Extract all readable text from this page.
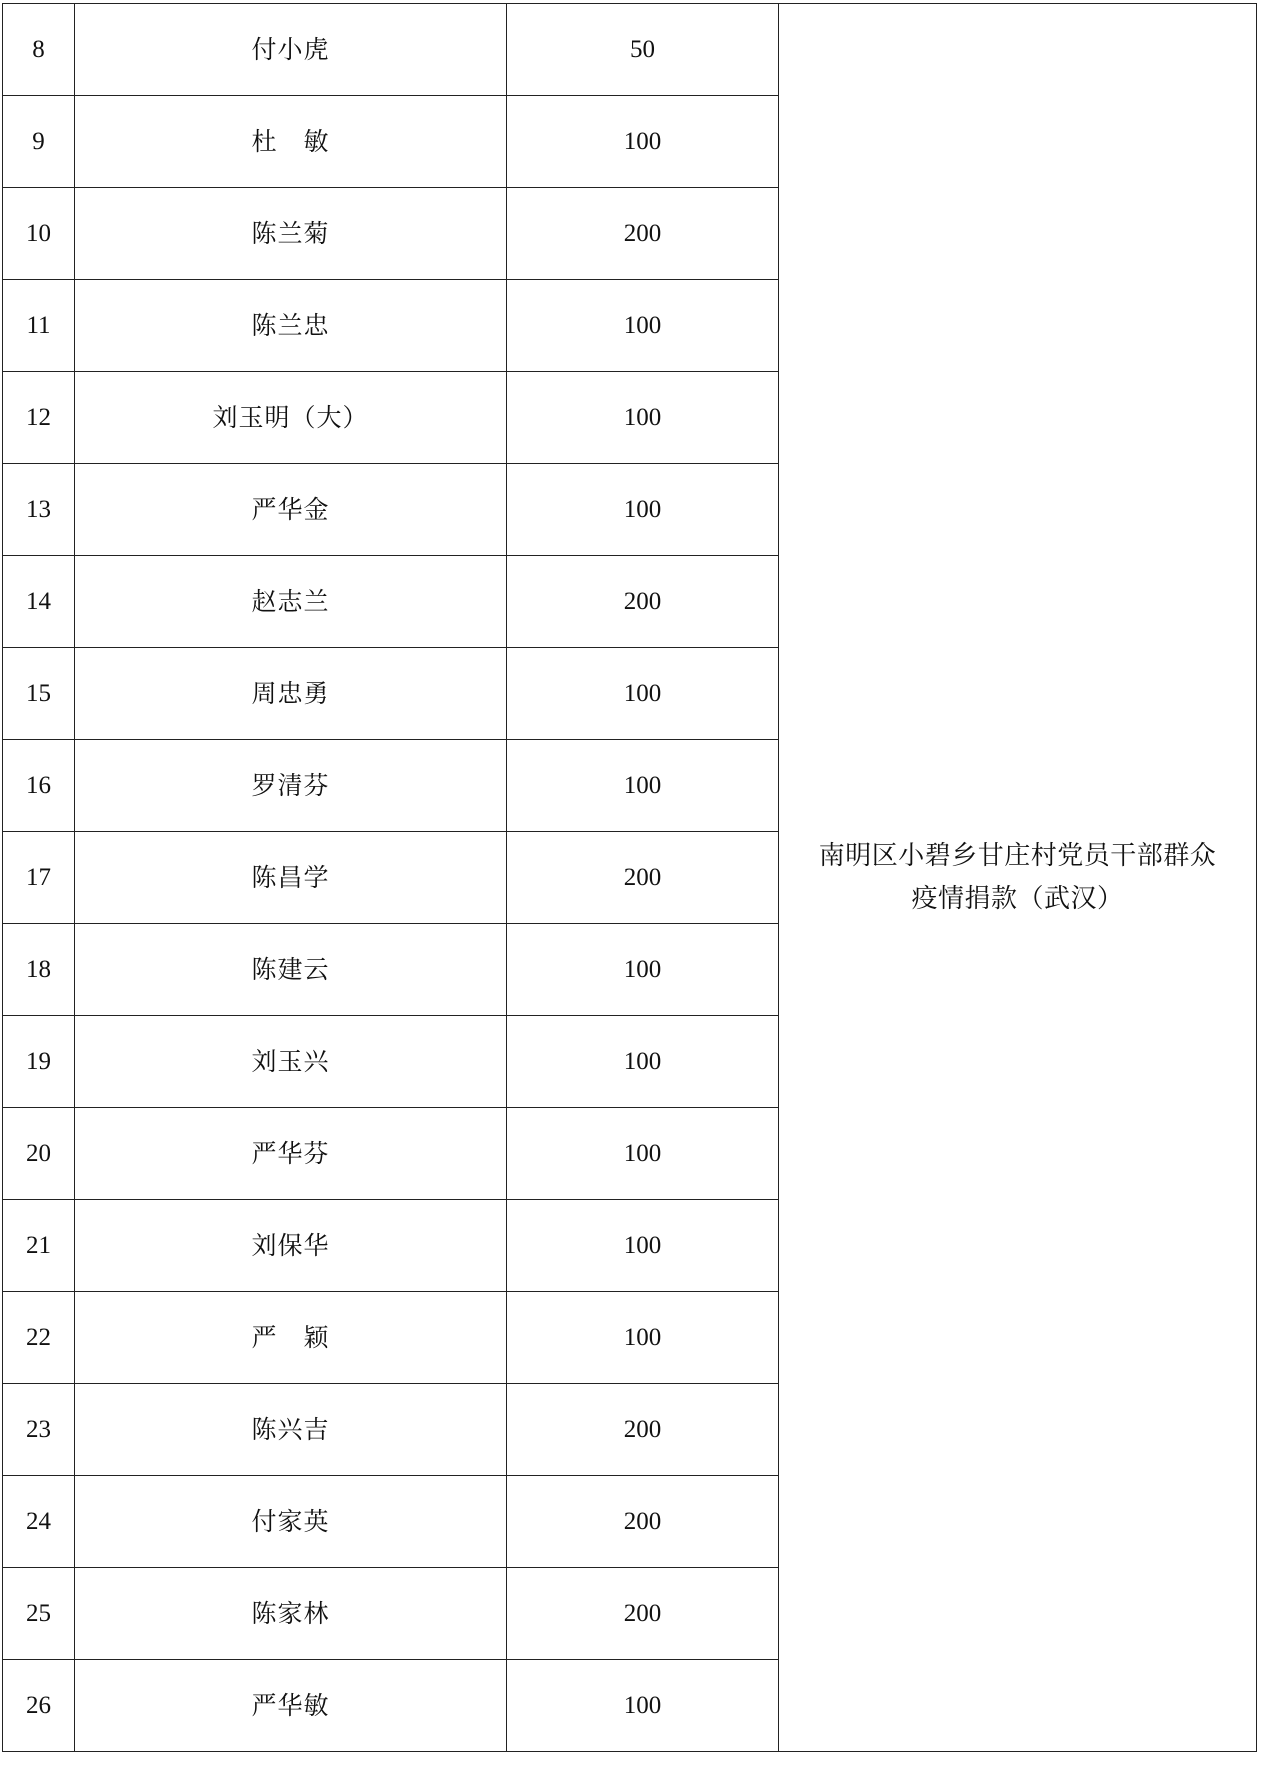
8	付小虎	50	南明区小碧乡甘庄村党员干部群众
疫情捐款（武汉）

9	杜　敏	100	
10	陈兰菊	200	
11	陈兰忠	100	
12	刘玉明（大）	100	
13	严华金	100	
14	赵志兰	200	
15	周忠勇	100	
16	罗清芬	100	
17	陈昌学	200	
18	陈建云	100	
19	刘玉兴	100	
20	严华芬	100	
21	刘保华	100	
22	严　颖	100	
23	陈兴吉	200	
24	付家英	200	
25	陈家林	200	
26	严华敏	100	
